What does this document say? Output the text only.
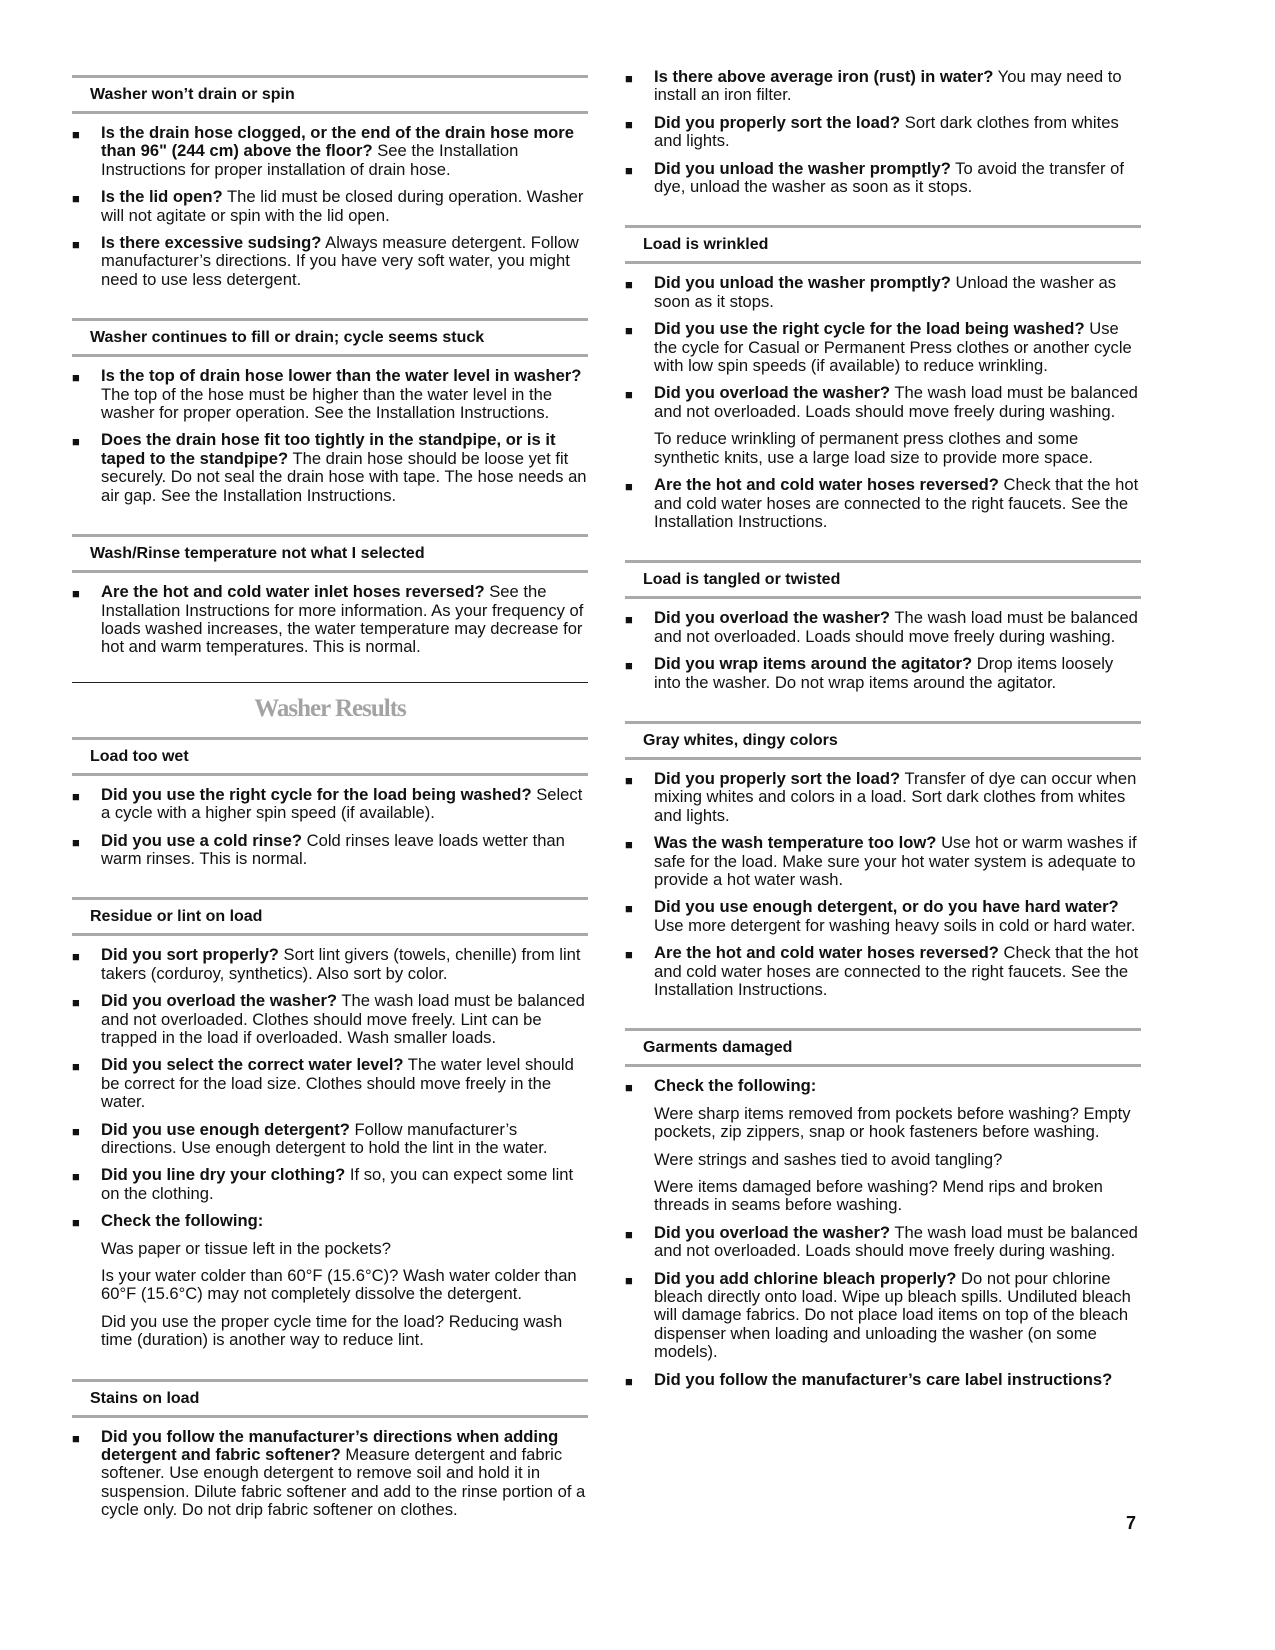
Washer won’t drain or spin
■ Is the drain hose clogged, or the end of the drain hose more than 96" (244 cm) above the floor? See the Installation Instructions for proper installation of drain hose.
■ Is the lid open? The lid must be closed during operation. Washer will not agitate or spin with the lid open.
■ Is there excessive sudsing? Always measure detergent. Follow manufacturer’s directions. If you have very soft water, you might need to use less detergent.
Washer continues to fill or drain; cycle seems stuck
■ Is the top of drain hose lower than the water level in washer? The top of the hose must be higher than the water level in the washer for proper operation. See the Installation Instructions.
■ Does the drain hose fit too tightly in the standpipe, or is it taped to the standpipe? The drain hose should be loose yet fit securely. Do not seal the drain hose with tape. The hose needs an air gap. See the Installation Instructions.
Wash/Rinse temperature not what I selected
■ Are the hot and cold water inlet hoses reversed? See the Installation Instructions for more information. As your frequency of loads washed increases, the water temperature may decrease for hot and warm temperatures. This is normal.
Washer Results
Load too wet
■ Did you use the right cycle for the load being washed? Select a cycle with a higher spin speed (if available).
■ Did you use a cold rinse? Cold rinses leave loads wetter than warm rinses. This is normal.
Residue or lint on load
■ Did you sort properly? Sort lint givers (towels, chenille) from lint takers (corduroy, synthetics). Also sort by color.
■ Did you overload the washer? The wash load must be balanced and not overloaded. Clothes should move freely. Lint can be trapped in the load if overloaded. Wash smaller loads.
■ Did you select the correct water level? The water level should be correct for the load size. Clothes should move freely in the water.
■ Did you use enough detergent? Follow manufacturer’s directions. Use enough detergent to hold the lint in the water.
■ Did you line dry your clothing? If so, you can expect some lint on the clothing.
■ Check the following:
Was paper or tissue left in the pockets?
Is your water colder than 60°F (15.6°C)? Wash water colder than 60°F (15.6°C) may not completely dissolve the detergent.
Did you use the proper cycle time for the load? Reducing wash time (duration) is another way to reduce lint.
Stains on load
■ Did you follow the manufacturer’s directions when adding detergent and fabric softener? Measure detergent and fabric softener. Use enough detergent to remove soil and hold it in suspension. Dilute fabric softener and add to the rinse portion of a cycle only. Do not drip fabric softener on clothes.
■ Is there above average iron (rust) in water? You may need to install an iron filter.
■ Did you properly sort the load? Sort dark clothes from whites and lights.
■ Did you unload the washer promptly? To avoid the transfer of dye, unload the washer as soon as it stops.
Load is wrinkled
■ Did you unload the washer promptly? Unload the washer as soon as it stops.
■ Did you use the right cycle for the load being washed? Use the cycle for Casual or Permanent Press clothes or another cycle with low spin speeds (if available) to reduce wrinkling.
■ Did you overload the washer? The wash load must be balanced and not overloaded. Loads should move freely during washing.
To reduce wrinkling of permanent press clothes and some synthetic knits, use a large load size to provide more space.
■ Are the hot and cold water hoses reversed? Check that the hot and cold water hoses are connected to the right faucets. See the Installation Instructions.
Load is tangled or twisted
■ Did you overload the washer? The wash load must be balanced and not overloaded. Loads should move freely during washing.
■ Did you wrap items around the agitator? Drop items loosely into the washer. Do not wrap items around the agitator.
Gray whites, dingy colors
■ Did you properly sort the load? Transfer of dye can occur when mixing whites and colors in a load. Sort dark clothes from whites and lights.
■ Was the wash temperature too low? Use hot or warm washes if safe for the load. Make sure your hot water system is adequate to provide a hot water wash.
■ Did you use enough detergent, or do you have hard water? Use more detergent for washing heavy soils in cold or hard water.
■ Are the hot and cold water hoses reversed? Check that the hot and cold water hoses are connected to the right faucets. See the Installation Instructions.
Garments damaged
■ Check the following:
Were sharp items removed from pockets before washing? Empty pockets, zip zippers, snap or hook fasteners before washing.
Were strings and sashes tied to avoid tangling?
Were items damaged before washing? Mend rips and broken threads in seams before washing.
■ Did you overload the washer? The wash load must be balanced and not overloaded. Loads should move freely during washing.
■ Did you add chlorine bleach properly? Do not pour chlorine bleach directly onto load. Wipe up bleach spills. Undiluted bleach will damage fabrics. Do not place load items on top of the bleach dispenser when loading and unloading the washer (on some models).
■ Did you follow the manufacturer’s care label instructions?
7
